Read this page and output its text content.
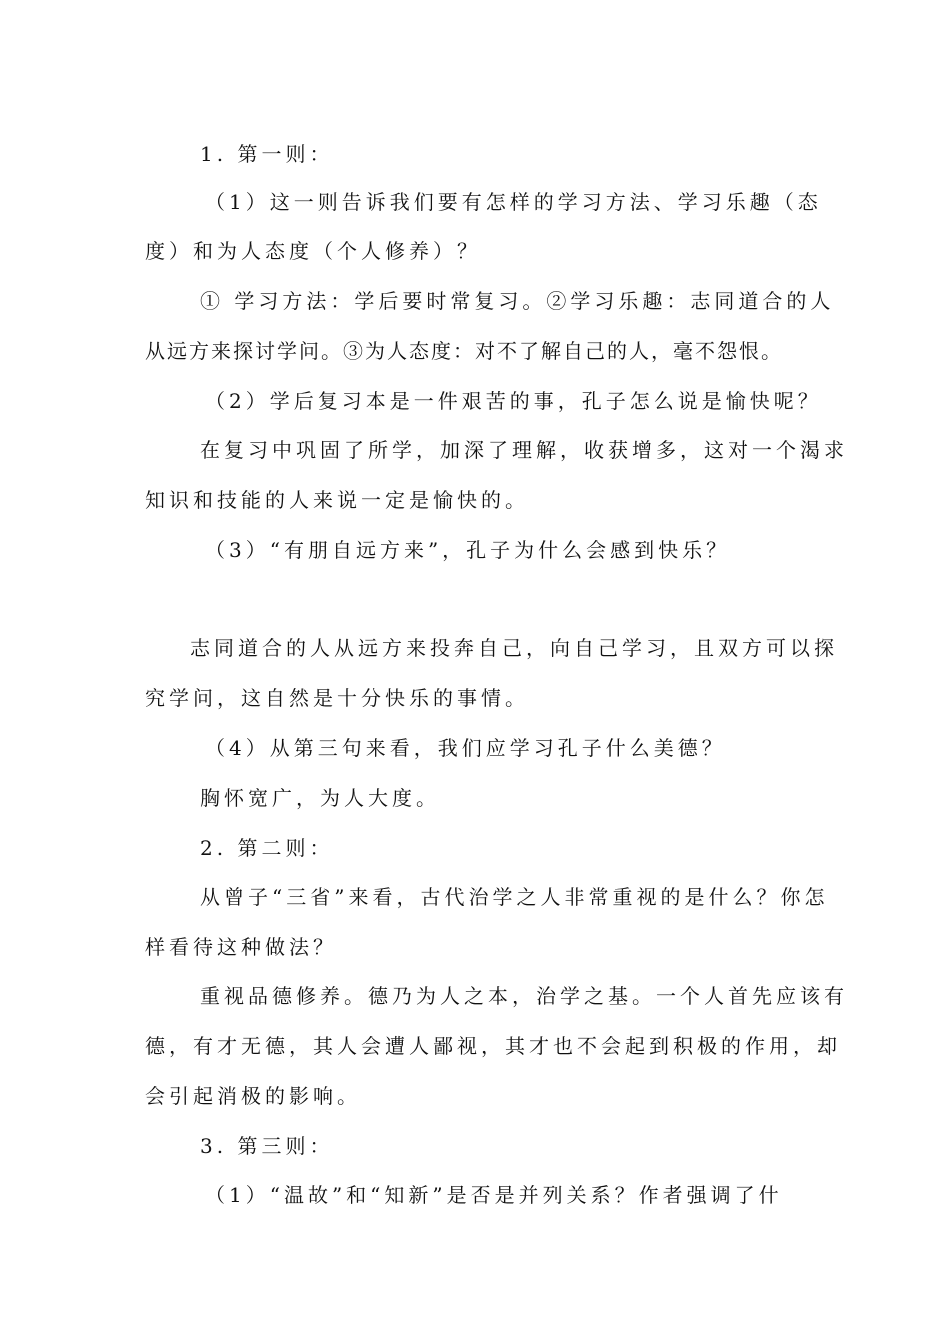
1. 第一则：
（1）这一则告诉我们要有怎样的学习方法、学习乐趣（态
度）和为人态度（个人修养）？
① 学习方法：学后要时常复习。②学习乐趣：志同道合的人
从远方来探讨学问。③为人态度：对不了解自己的人，毫不怨恨。
（2）学后复习本是一件艰苦的事，孔子怎么说是愉快呢？
在复习中巩固了所学，加深了理解，收获增多，这对一个渴求
知识和技能的人来说一定是愉快的。
（3）“有朋自远方来”，孔子为什么会感到快乐？
志同道合的人从远方来投奔自己，向自己学习，且双方可以探
究学问，这自然是十分快乐的事情。
（4）从第三句来看，我们应学习孔子什么美德？
胸怀宽广，为人大度。
2. 第二则：
从曾子“三省”来看，古代治学之人非常重视的是什么？你怎
样看待这种做法？
重视品德修养。德乃为人之本，治学之基。一个人首先应该有
德，有才无德，其人会遭人鄙视，其才也不会起到积极的作用，却
会引起消极的影响。
3. 第三则：
（1）“温故”和“知新”是否是并列关系？作者强调了什
